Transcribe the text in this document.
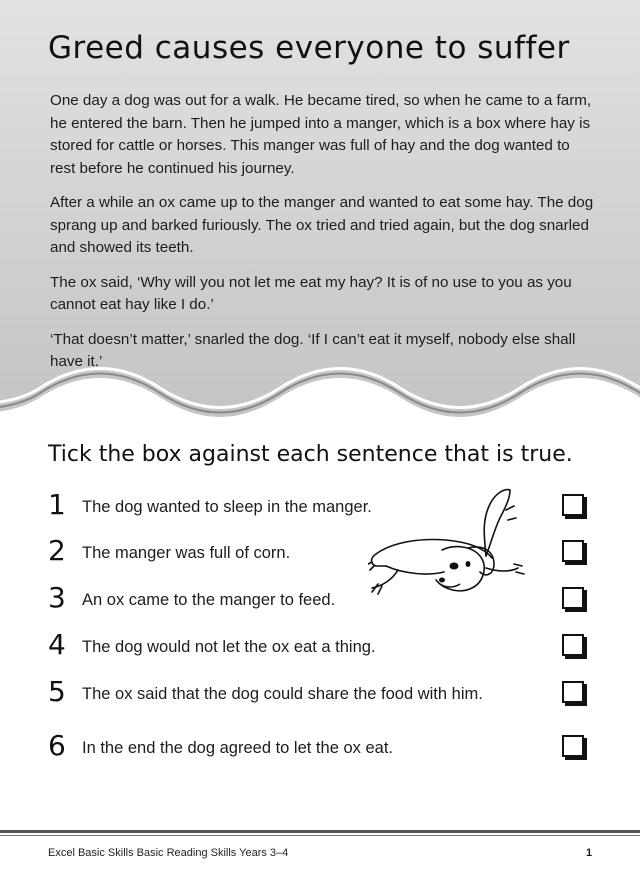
Greed causes everyone to suffer

One day a dog was out for a walk. He became tired, so when he came to a farm, he entered the barn. Then he jumped into a manger, which is a box where hay is stored for cattle or horses. This manger was full of hay and the dog wanted to rest before he continued his journey.

After a while an ox came up to the manger and wanted to eat some hay. The dog sprang up and barked furiously. The ox tried and tried again, but the dog snarled and showed its teeth.

The ox said, ‘Why will you not let me eat my hay? It is of no use to you as you cannot eat hay like I do.’

‘That doesn’t matter,’ snarled the dog. ‘If I can’t eat it myself, nobody else shall have it.’

Tick the box against each sentence that is true.
1 The dog wanted to sleep in the manger.
2 The manger was full of corn.
3 An ox came to the manger to feed.
4 The dog would not let the ox eat a thing.
5 The ox said that the dog could share the food with him.
6 In the end the dog agreed to let the ox eat.
Excel Basic Skills Basic Reading Skills Years 3–4	1
